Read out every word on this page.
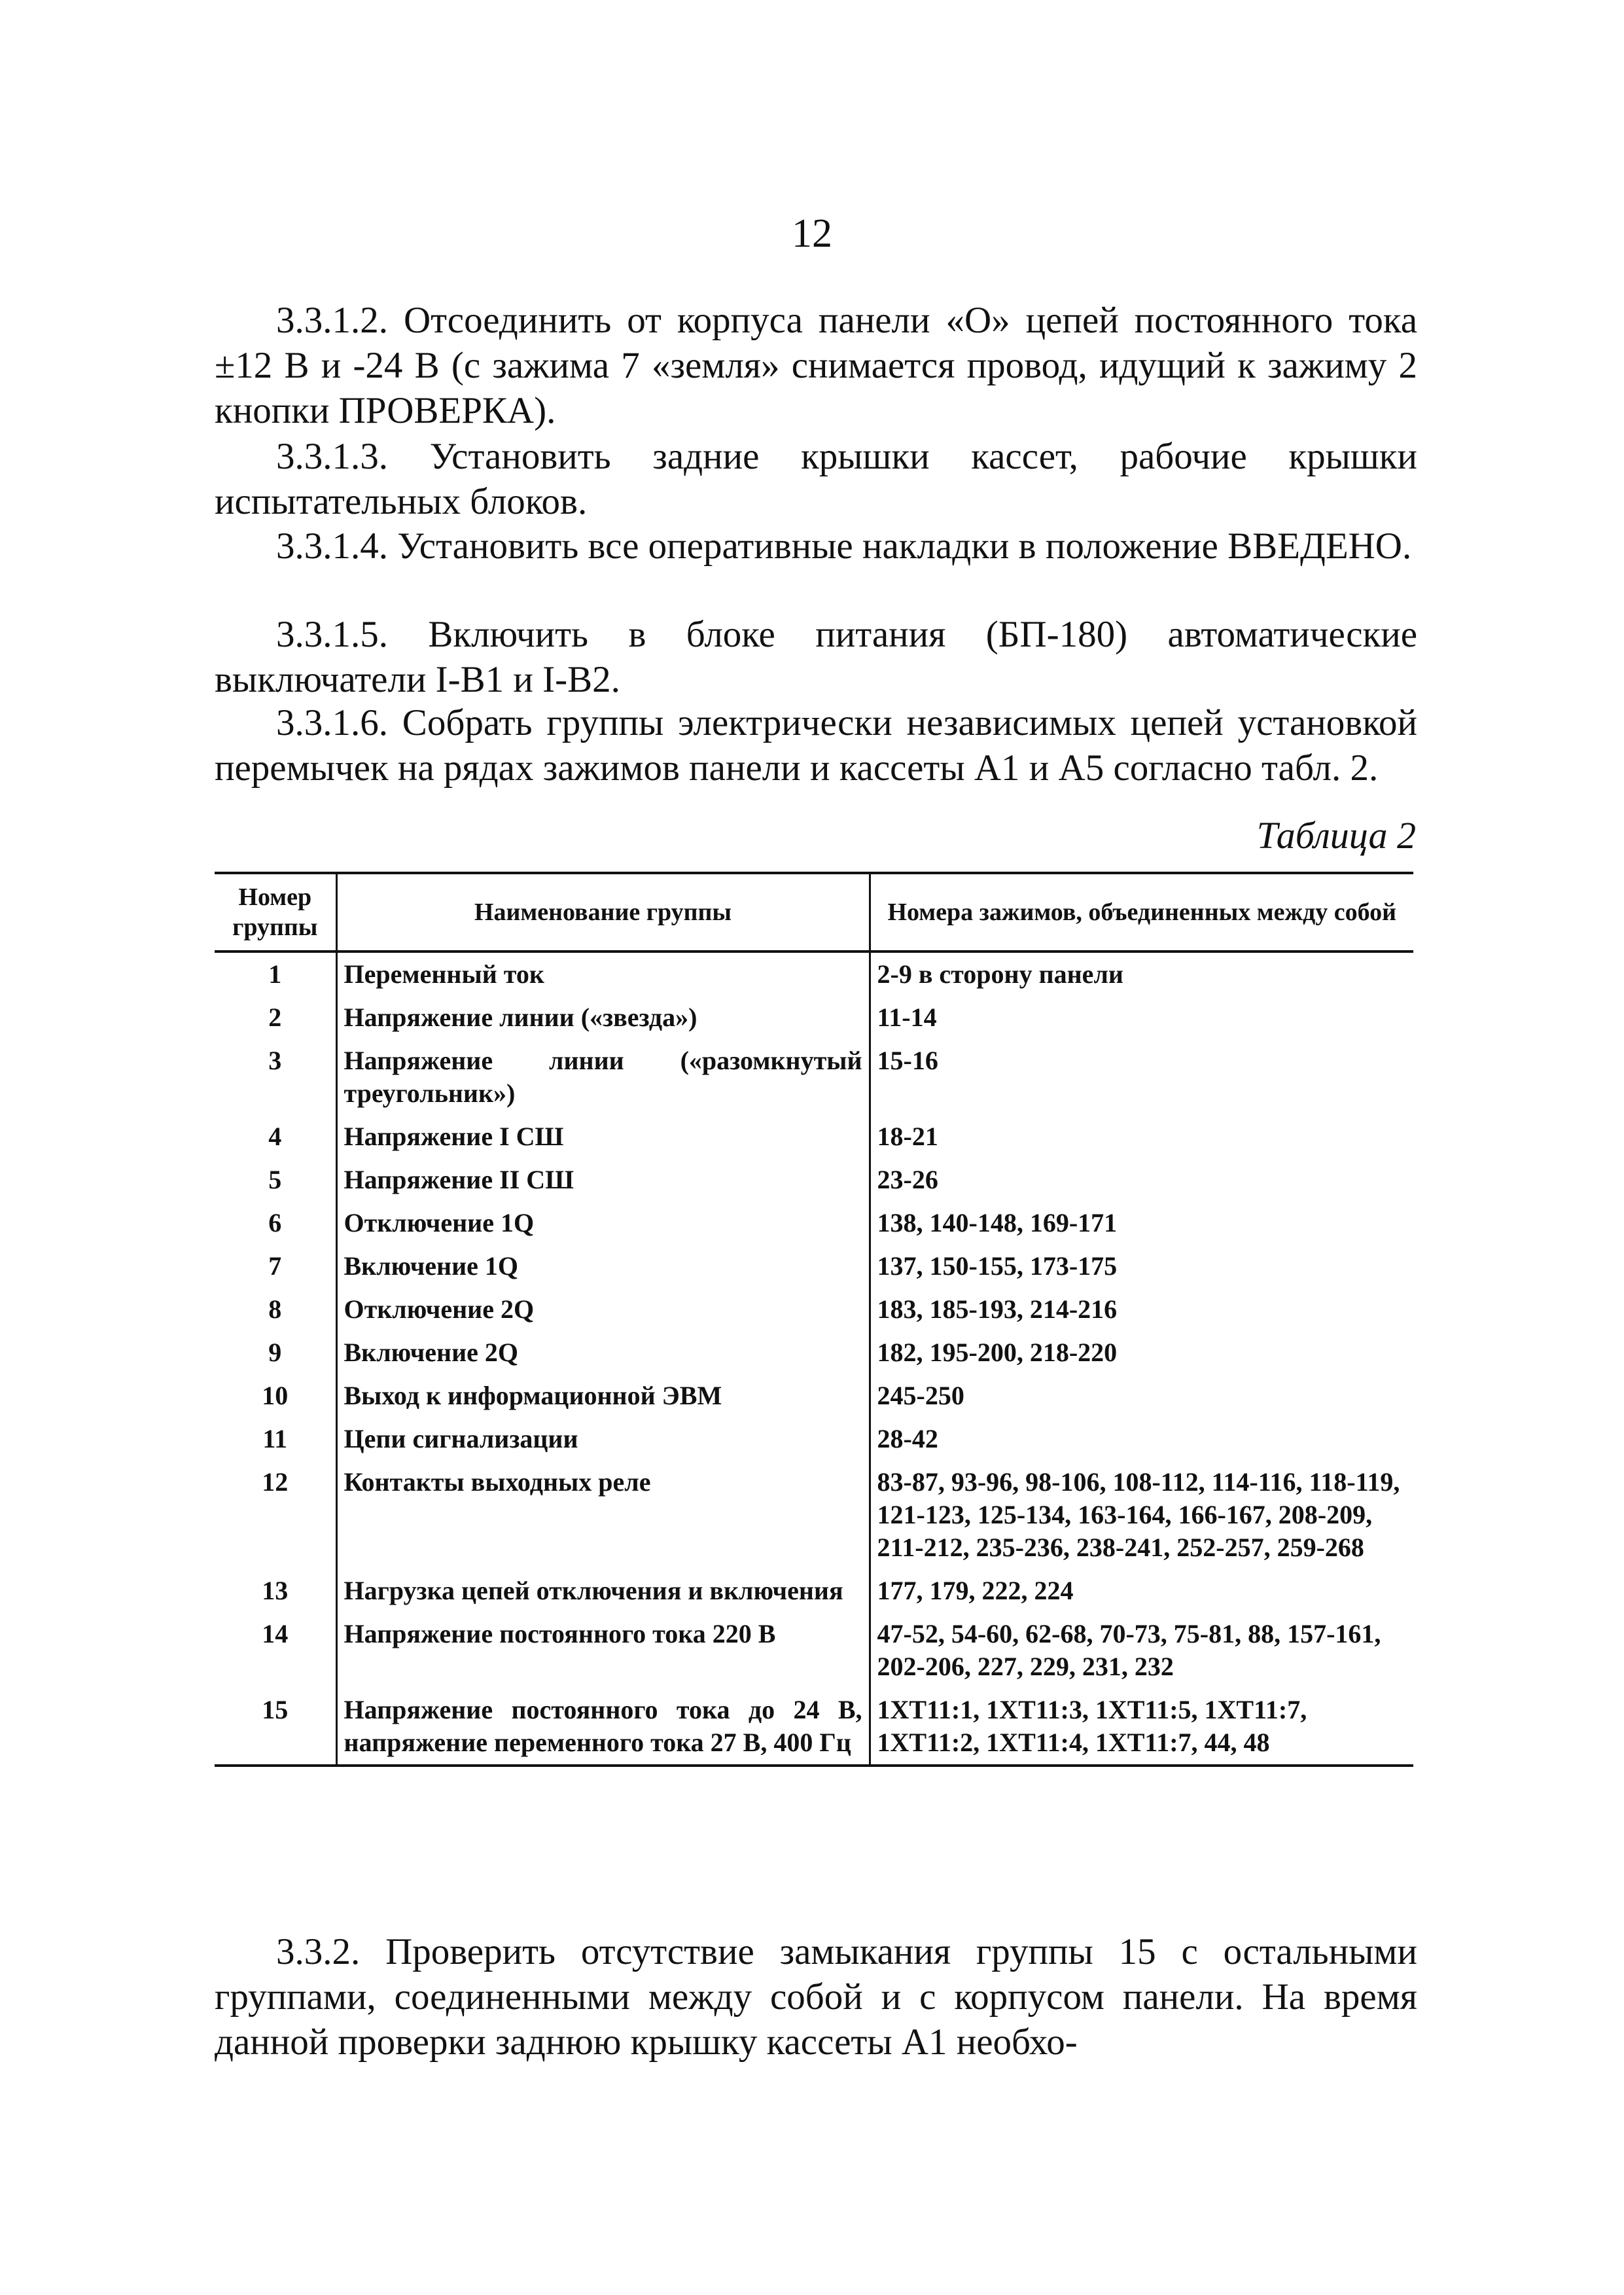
12

3.3.1.2. Отсоединить от корпуса панели «О» цепей постоянного тока ±12 В и -24 В (с зажима 7 «земля» снимается провод, идущий к зажиму 2 кнопки ПРОВЕРКА).

3.3.1.3. Установить задние крышки кассет, рабочие крышки испытательных блоков.

3.3.1.4. Установить все оперативные накладки в положение ВВЕДЕНО.

3.3.1.5. Включить в блоке питания (БП-180) автоматические выключатели I-B1 и I-B2.

3.3.1.6. Собрать группы электрически независимых цепей установкой перемычек на рядах зажимов панели и кассеты А1 и А5 согласно табл. 2.

Таблица 2
Номер группы	Наименование группы	Номера зажимов, объединенных между собой
1	Переменный ток	2-9 в сторону панели
2	Напряжение линии («звезда»)	11-14
3	Напряжение линии («разомкнутый треугольник»)	15-16
4	Напряжение I СШ	18-21
5	Напряжение II СШ	23-26
6	Отключение 1Q	138, 140-148, 169-171
7	Включение 1Q	137, 150-155, 173-175
8	Отключение 2Q	183, 185-193, 214-216
9	Включение 2Q	182, 195-200, 218-220
10	Выход к информационной ЭВМ	245-250
11	Цепи сигнализации	28-42
12	Контакты выходных реле	83-87, 93-96, 98-106, 108-112, 114-116, 118-119, 121-123, 125-134, 163-164, 166-167, 208-209, 211-212, 235-236, 238-241, 252-257, 259-268
13	Нагрузка цепей отключения и включения	177, 179, 222, 224
14	Напряжение постоянного тока 220 В	47-52, 54-60, 62-68, 70-73, 75-81, 88, 157-161, 202-206, 227, 229, 231, 232
15	Напряжение постоянного тока до 24 В, напряжение переменного тока 27 В, 400 Гц	1XT11:1, 1XT11:3, 1XT11:5, 1XT11:7, 1XT11:2, 1XT11:4, 1XT11:7, 44, 48

3.3.2. Проверить отсутствие замыкания группы 15 с остальными группами, соединенными между собой и с корпусом панели. На время данной проверки заднюю крышку кассеты А1 необхо-
